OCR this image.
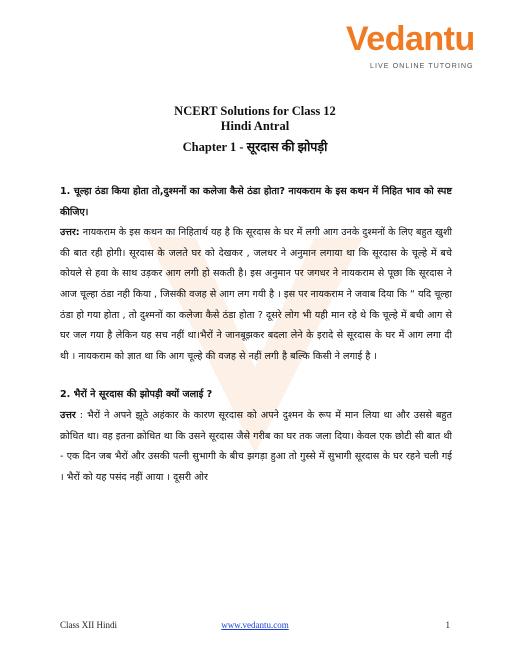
Vedantu
LIVE ONLINE TUTORING
NCERT Solutions for Class 12
Hindi Antral
Chapter 1 - सूरदास की झोपड़ी

1. चूल्हा ठंडा किया होता तो,दुश्मनों का कलेजा कैसे ठंडा होता? नायकराम के इस कथन में निहित भाव को स्पष्ट कीजिए।

उत्तर: नायकराम के इस कथन का निहितार्थ यह है कि सूरदास के घर में लगी आग उनके दुश्मनों के लिए बहुत खुशी की बात रही होगी। सूरदास के जलते घर को देखकर , जलधर ने अनुमान लगाया था कि सूरदास के चूल्हे में बचे कोयले से हवा के साथ उड़कर आग लगी हो सकती है। इस अनुमान पर जगधर ने नायकराम से पूछा कि सूरदास ने आज चूल्हा ठंडा नही किया , जिसकी वजह से आग लग गयी है । इस पर नायकराम ने जवाब दिया कि “ यदि चूल्हा ठंडा हो गया होता , तो दुश्मनों का कलेजा कैसे ठंडा होता ? दूसरे लोग भी यही मान रहे थे कि चूल्हे में बची आग से घर जल गया है लेकिन यह सच नहीं था।भैरों ने जानबूझकर बदला लेने के इरादे से सूरदास के घर में आग लगा दी थी । नायकराम को ज्ञात था कि आग चूल्हे की वजह से नहीं लगी है बल्कि किसी ने लगाई है ।

2. भैरों ने सूरदास की झोपड़ी क्यों जलाई ?

उत्तर : भैरों ने अपने झूठे अहंकार के कारण सूरदास को अपने दुश्मन के रूप में मान लिया था और उससे बहुत क्रोधित था। वह इतना क्रोधित था कि उसने सूरदास जैसे गरीब का घर तक जला दिया। केवल एक छोटी सी बात थी - एक दिन जब भैरों और उसकी पत्नी सुभागी के बीच झगड़ा हुआ तो गुस्से में सुभागी सूरदास के घर रहने चली गई । भैरों को यह पसंद नहीं आया । दूसरी ओर

Class XII Hindi	www.vedantu.com	1
